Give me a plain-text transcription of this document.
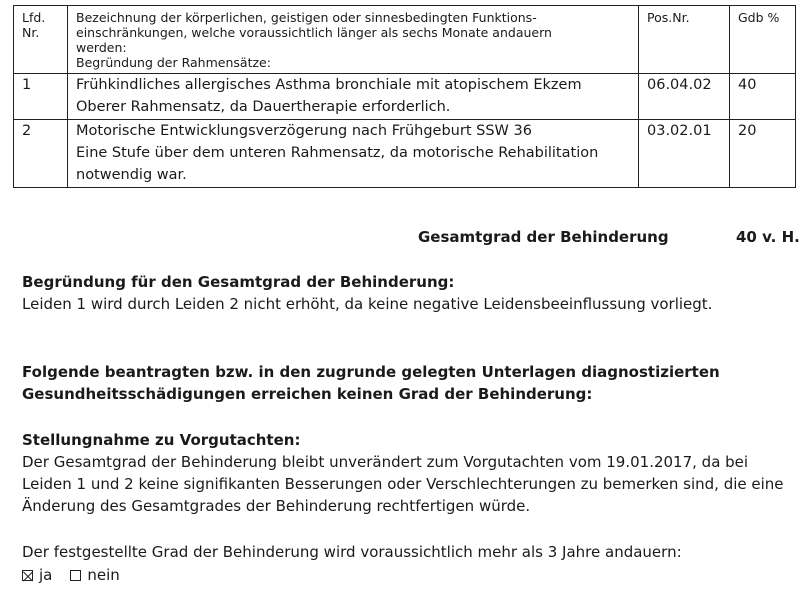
Lfd.
Nr.	Bezeichnung der körperlichen, geistigen oder sinnesbedingten Funktions-
einschränkungen, welche voraussichtlich länger als sechs Monate andauern
werden:
Begründung der Rahmensätze:	Pos.Nr.	Gdb %
1	Frühkindliches allergisches Asthma bronchiale mit atopischem Ekzem
Oberer Rahmensatz, da Dauertherapie erforderlich.	06.04.02	40
2	Motorische Entwicklungsverzögerung nach Frühgeburt SSW 36
Eine Stufe über dem unteren Rahmensatz, da motorische Rehabilitation
notwendig war.	03.02.01	20
Gesamtgrad der Behinderung	40 v. H.
Begründung für den Gesamtgrad der Behinderung:
Leiden 1 wird durch Leiden 2 nicht erhöht, da keine negative Leidensbeeinflussung vorliegt.
Folgende beantragten bzw. in den zugrunde gelegten Unterlagen diagnostizierten
Gesundheitsschädigungen erreichen keinen Grad der Behinderung:
Stellungnahme zu Vorgutachten:
Der Gesamtgrad der Behinderung bleibt unverändert zum Vorgutachten vom 19.01.2017, da bei
Leiden 1 und 2 keine signifikanten Besserungen oder Verschlechterungen zu bemerken sind, die eine
Änderung des Gesamtgrades der Behinderung rechtfertigen würde.
Der festgestellte Grad der Behinderung wird voraussichtlich mehr als 3 Jahre andauern:
ja nein
